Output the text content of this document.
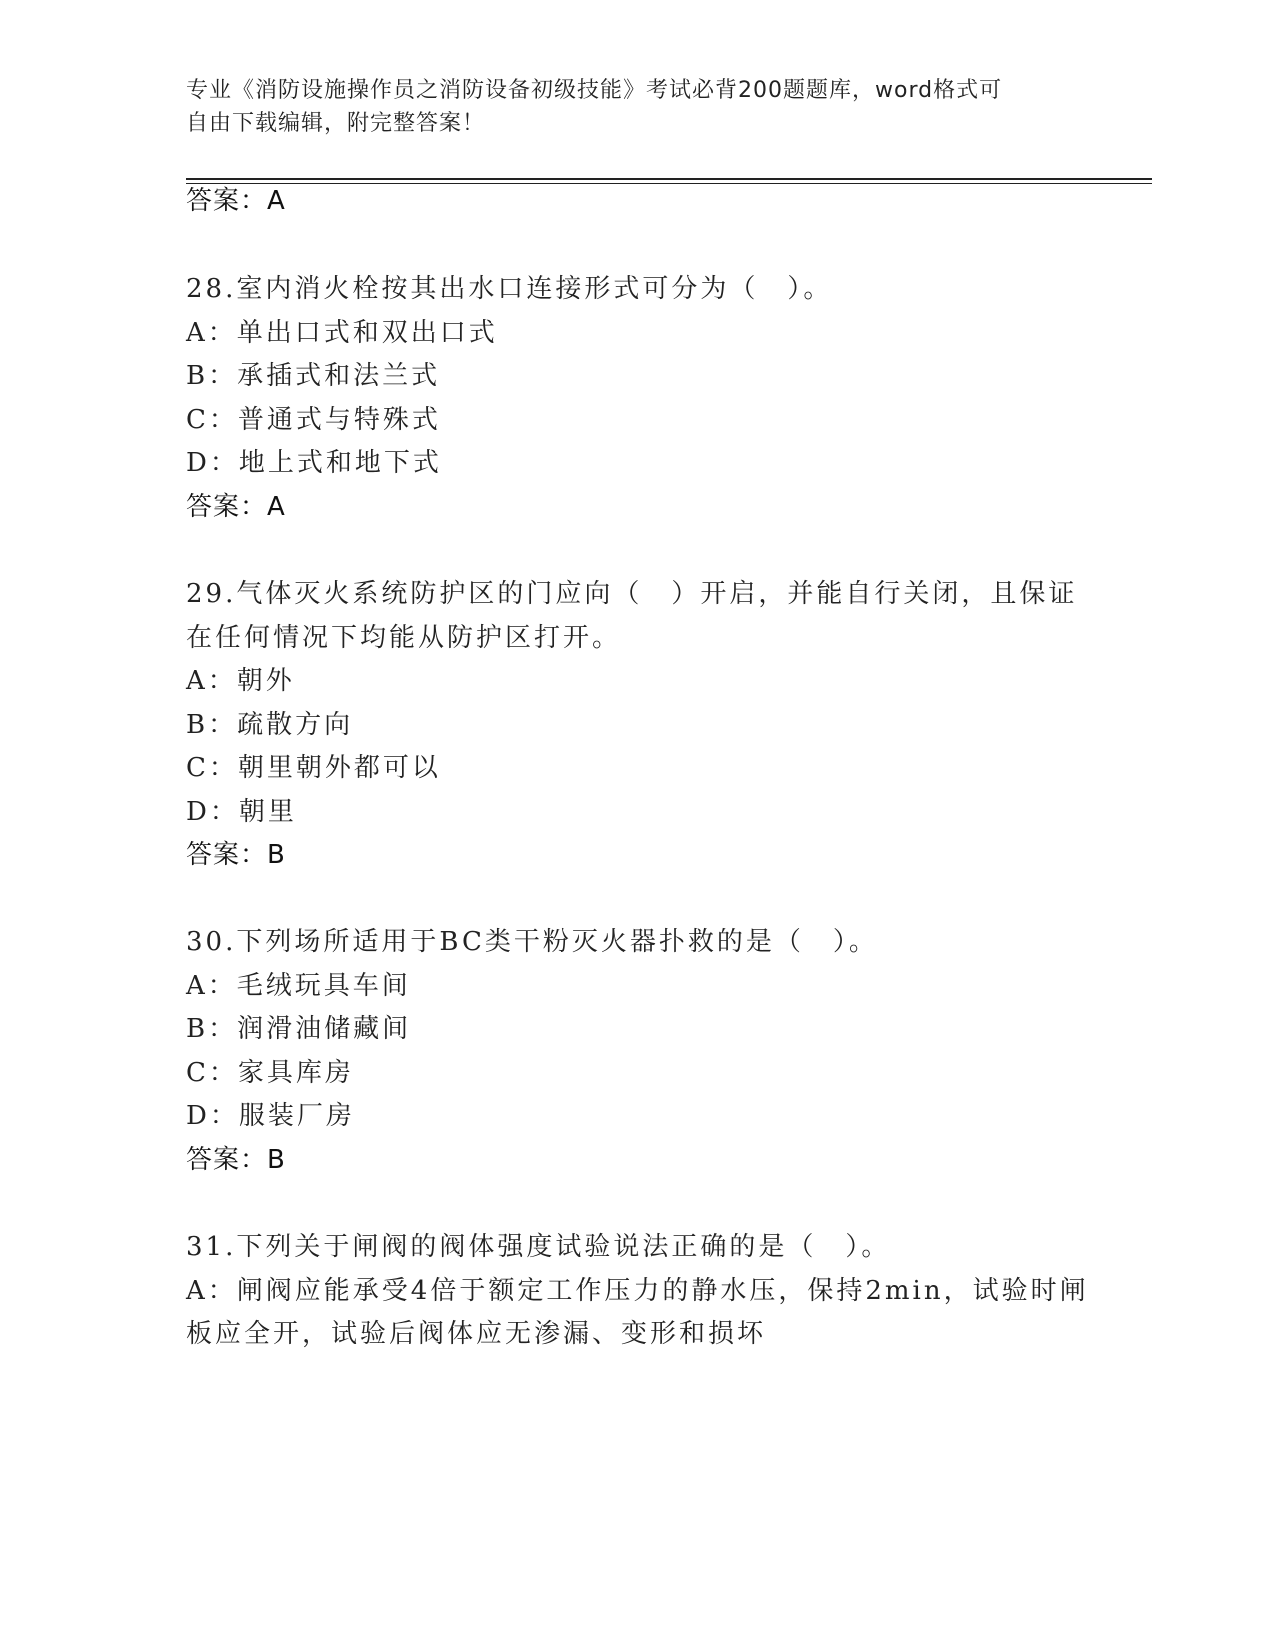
专业《消防设施操作员之消防设备初级技能》考试必背200题题库，word格式可
自由下载编辑，附完整答案！
答案：A
28.室内消火栓按其出水口连接形式可分为（　）。
A：单出口式和双出口式
B：承插式和法兰式
C：普通式与特殊式
D：地上式和地下式
答案：A
29.气体灭火系统防护区的门应向（　）开启，并能自行关闭，且保证
在任何情况下均能从防护区打开。
A：朝外
B：疏散方向
C：朝里朝外都可以
D：朝里
答案：B
30.下列场所适用于BC类干粉灭火器扑救的是（　）。
A：毛绒玩具车间
B：润滑油储藏间
C：家具库房
D：服装厂房
答案：B
31.下列关于闸阀的阀体强度试验说法正确的是（　）。
A：闸阀应能承受4倍于额定工作压力的静水压，保持2min，试验时闸
板应全开，试验后阀体应无渗漏、变形和损坏
